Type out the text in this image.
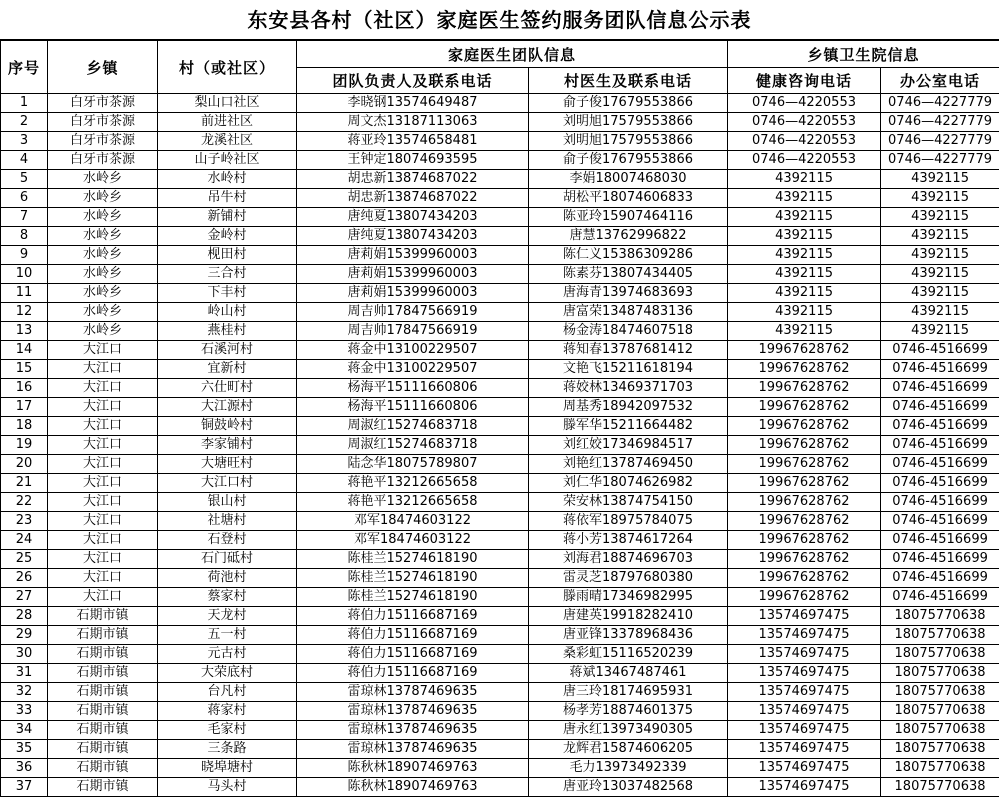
东安县各村（社区）家庭医生签约服务团队信息公示表
序号	乡镇	村（或社区）	家庭医生团队信息		乡镇卫生院信息	
			团队负责人及联系电话	村医生及联系电话	健康咨询电话	办公室电话
1	白牙市茶源	梨山口社区	李晓钢13574649487	俞子俊17679553866	0746—4220553	0746—4227779
2	白牙市茶源	前进社区	周文杰13187113063	刘明旭17579553866	0746—4220553	0746—4227779
3	白牙市茶源	龙溪社区	蒋亚玲13574658481	刘明旭17579553866	0746—4220553	0746—4227779
4	白牙市茶源	山子岭社区	王钟定18074693595	俞子俊17679553866	0746—4220553	0746—4227779
5	水岭乡	水岭村	胡忠新13874687022	李娟18007468030	4392115	4392115
6	水岭乡	吊牛村	胡忠新13874687022	胡松平18074606833	4392115	4392115
7	水岭乡	新铺村	唐纯夏13807434203	陈亚玲15907464116	4392115	4392115
8	水岭乡	金岭村	唐纯夏13807434203	唐慧13762996822	4392115	4392115
9	水岭乡	枧田村	唐莉娟15399960003	陈仁义15386309286	4392115	4392115
10	水岭乡	三合村	唐莉娟15399960003	陈素芬13807434405	4392115	4392115
11	水岭乡	下丰村	唐莉娟15399960003	唐海青13974683693	4392115	4392115
12	水岭乡	岭山村	周吉帅17847566919	唐富荣13487483136	4392115	4392115
13	水岭乡	燕桂村	周吉帅17847566919	杨金涛18474607518	4392115	4392115
14	大江口	石溪河村	蒋金中13100229507	蒋知春13787681412	19967628762	0746-4516699
15	大江口	宜新村	蒋金中13100229507	文艳飞15211618194	19967628762	0746-4516699
16	大江口	六仕町村	杨海平15111660806	蒋姣林13469371703	19967628762	0746-4516699
17	大江口	大江源村	杨海平15111660806	周基秀18942097532	19967628762	0746-4516699
18	大江口	铜鼓岭村	周淑红15274683718	滕军华15211664482	19967628762	0746-4516699
19	大江口	李家铺村	周淑红15274683718	刘红姣17346984517	19967628762	0746-4516699
20	大江口	大塘旺村	陆念华18075789807	刘艳红13787469450	19967628762	0746-4516699
21	大江口	大江口村	蒋艳平13212665658	刘仁华18074626982	19967628762	0746-4516699
22	大江口	银山村	蒋艳平13212665658	荣安林13874754150	19967628762	0746-4516699
23	大江口	社塘村	邓军18474603122	蒋依军18975784075	19967628762	0746-4516699
24	大江口	石登村	邓军18474603122	蒋小芳13874617264	19967628762	0746-4516699
25	大江口	石门砥村	陈桂兰15274618190	刘海君18874696703	19967628762	0746-4516699
26	大江口	荷池村	陈桂兰15274618190	雷灵芝18797680380	19967628762	0746-4516699
27	大江口	蔡家村	陈桂兰15274618190	滕雨晴17346982995	19967628762	0746-4516699
28	石期市镇	天龙村	蒋伯力15116687169	唐建英19918282410	13574697475	18075770638
29	石期市镇	五一村	蒋伯力15116687169	唐亚锋13378968436	13574697475	18075770638
30	石期市镇	元古村	蒋伯力15116687169	桑彩虹15116520239	13574697475	18075770638
31	石期市镇	大荣底村	蒋伯力15116687169	蒋斌13467487461	13574697475	18075770638
32	石期市镇	台凡村	雷琼林13787469635	唐三玲18174695931	13574697475	18075770638
33	石期市镇	蒋家村	雷琼林13787469635	杨孝芳18874601375	13574697475	18075770638
34	石期市镇	毛家村	雷琼林13787469635	唐永红13973490305	13574697475	18075770638
35	石期市镇	三条路	雷琼林13787469635	龙辉君15874606205	13574697475	18075770638
36	石期市镇	晓埠塘村	陈秋林18907469763	毛力13973492339	13574697475	18075770638
37	石期市镇	马头村	陈秋林18907469763	唐亚玲13037482568	13574697475	18075770638
